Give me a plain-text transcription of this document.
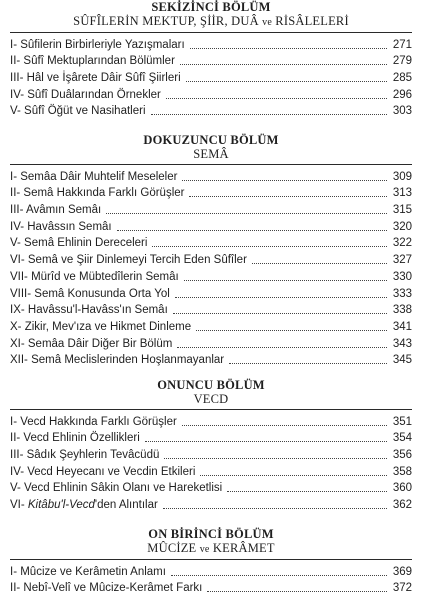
SEKİZİNCİ BÖLÜM
SÛFÎLERİN MEKTUP, ŞİİR, DUÂ ve RİSÂLELERİ
I- Sûfilerin Birbirleriyle Yazışmaları	271
II- Sûfî Mektuplarından Bölümler	279
III- Hâl ve İşârete Dâir Sûfî Şiirleri	285
IV- Sûfî Duâlarından Örnekler	296
V- Sûfî Öğüt ve Nasihatleri	303
DOKUZUNCU BÖLÜM
SEMÂ
I- Semâa Dâir Muhtelif Meseleler	309
II- Semâ Hakkında Farklı Görüşler	313
III- Avâmın Semâı	315
IV- Havâssın Semâı	320
V- Semâ Ehlinin Dereceleri	322
VI- Semâ ve Şiir Dinlemeyi Tercih Eden Sûfîler	327
VII- Mürîd ve Mübtedîlerin Semâı	330
VIII- Semâ Konusunda Orta Yol	333
IX- Havâssu'l-Havâss'ın Semâı	338
X- Zikir, Mev'ıza ve Hikmet Dinleme	341
XI- Semâa Dâir Diğer Bir Bölüm	343
XII- Semâ Meclislerinden Hoşlanmayanlar	345
ONUNCU BÖLÜM
VECD
I- Vecd Hakkında Farklı Görüşler	351
II- Vecd Ehlinin Özellikleri	354
III- Sâdık Şeyhlerin Tevâcüdü	356
IV- Vecd Heyecanı ve Vecdin Etkileri	358
V- Vecd Ehlinin Sâkin Olanı ve Hareketlisi	360
VI- Kitâbu'l-Vecd'den Alıntılar	362
ON BİRİNCİ BÖLÜM
MÛCİZE ve KERÂMET
I- Mûcize ve Kerâmetin Anlamı	369
II- Nebî-Velî ve Mûcize-Kerâmet Farkı	372
